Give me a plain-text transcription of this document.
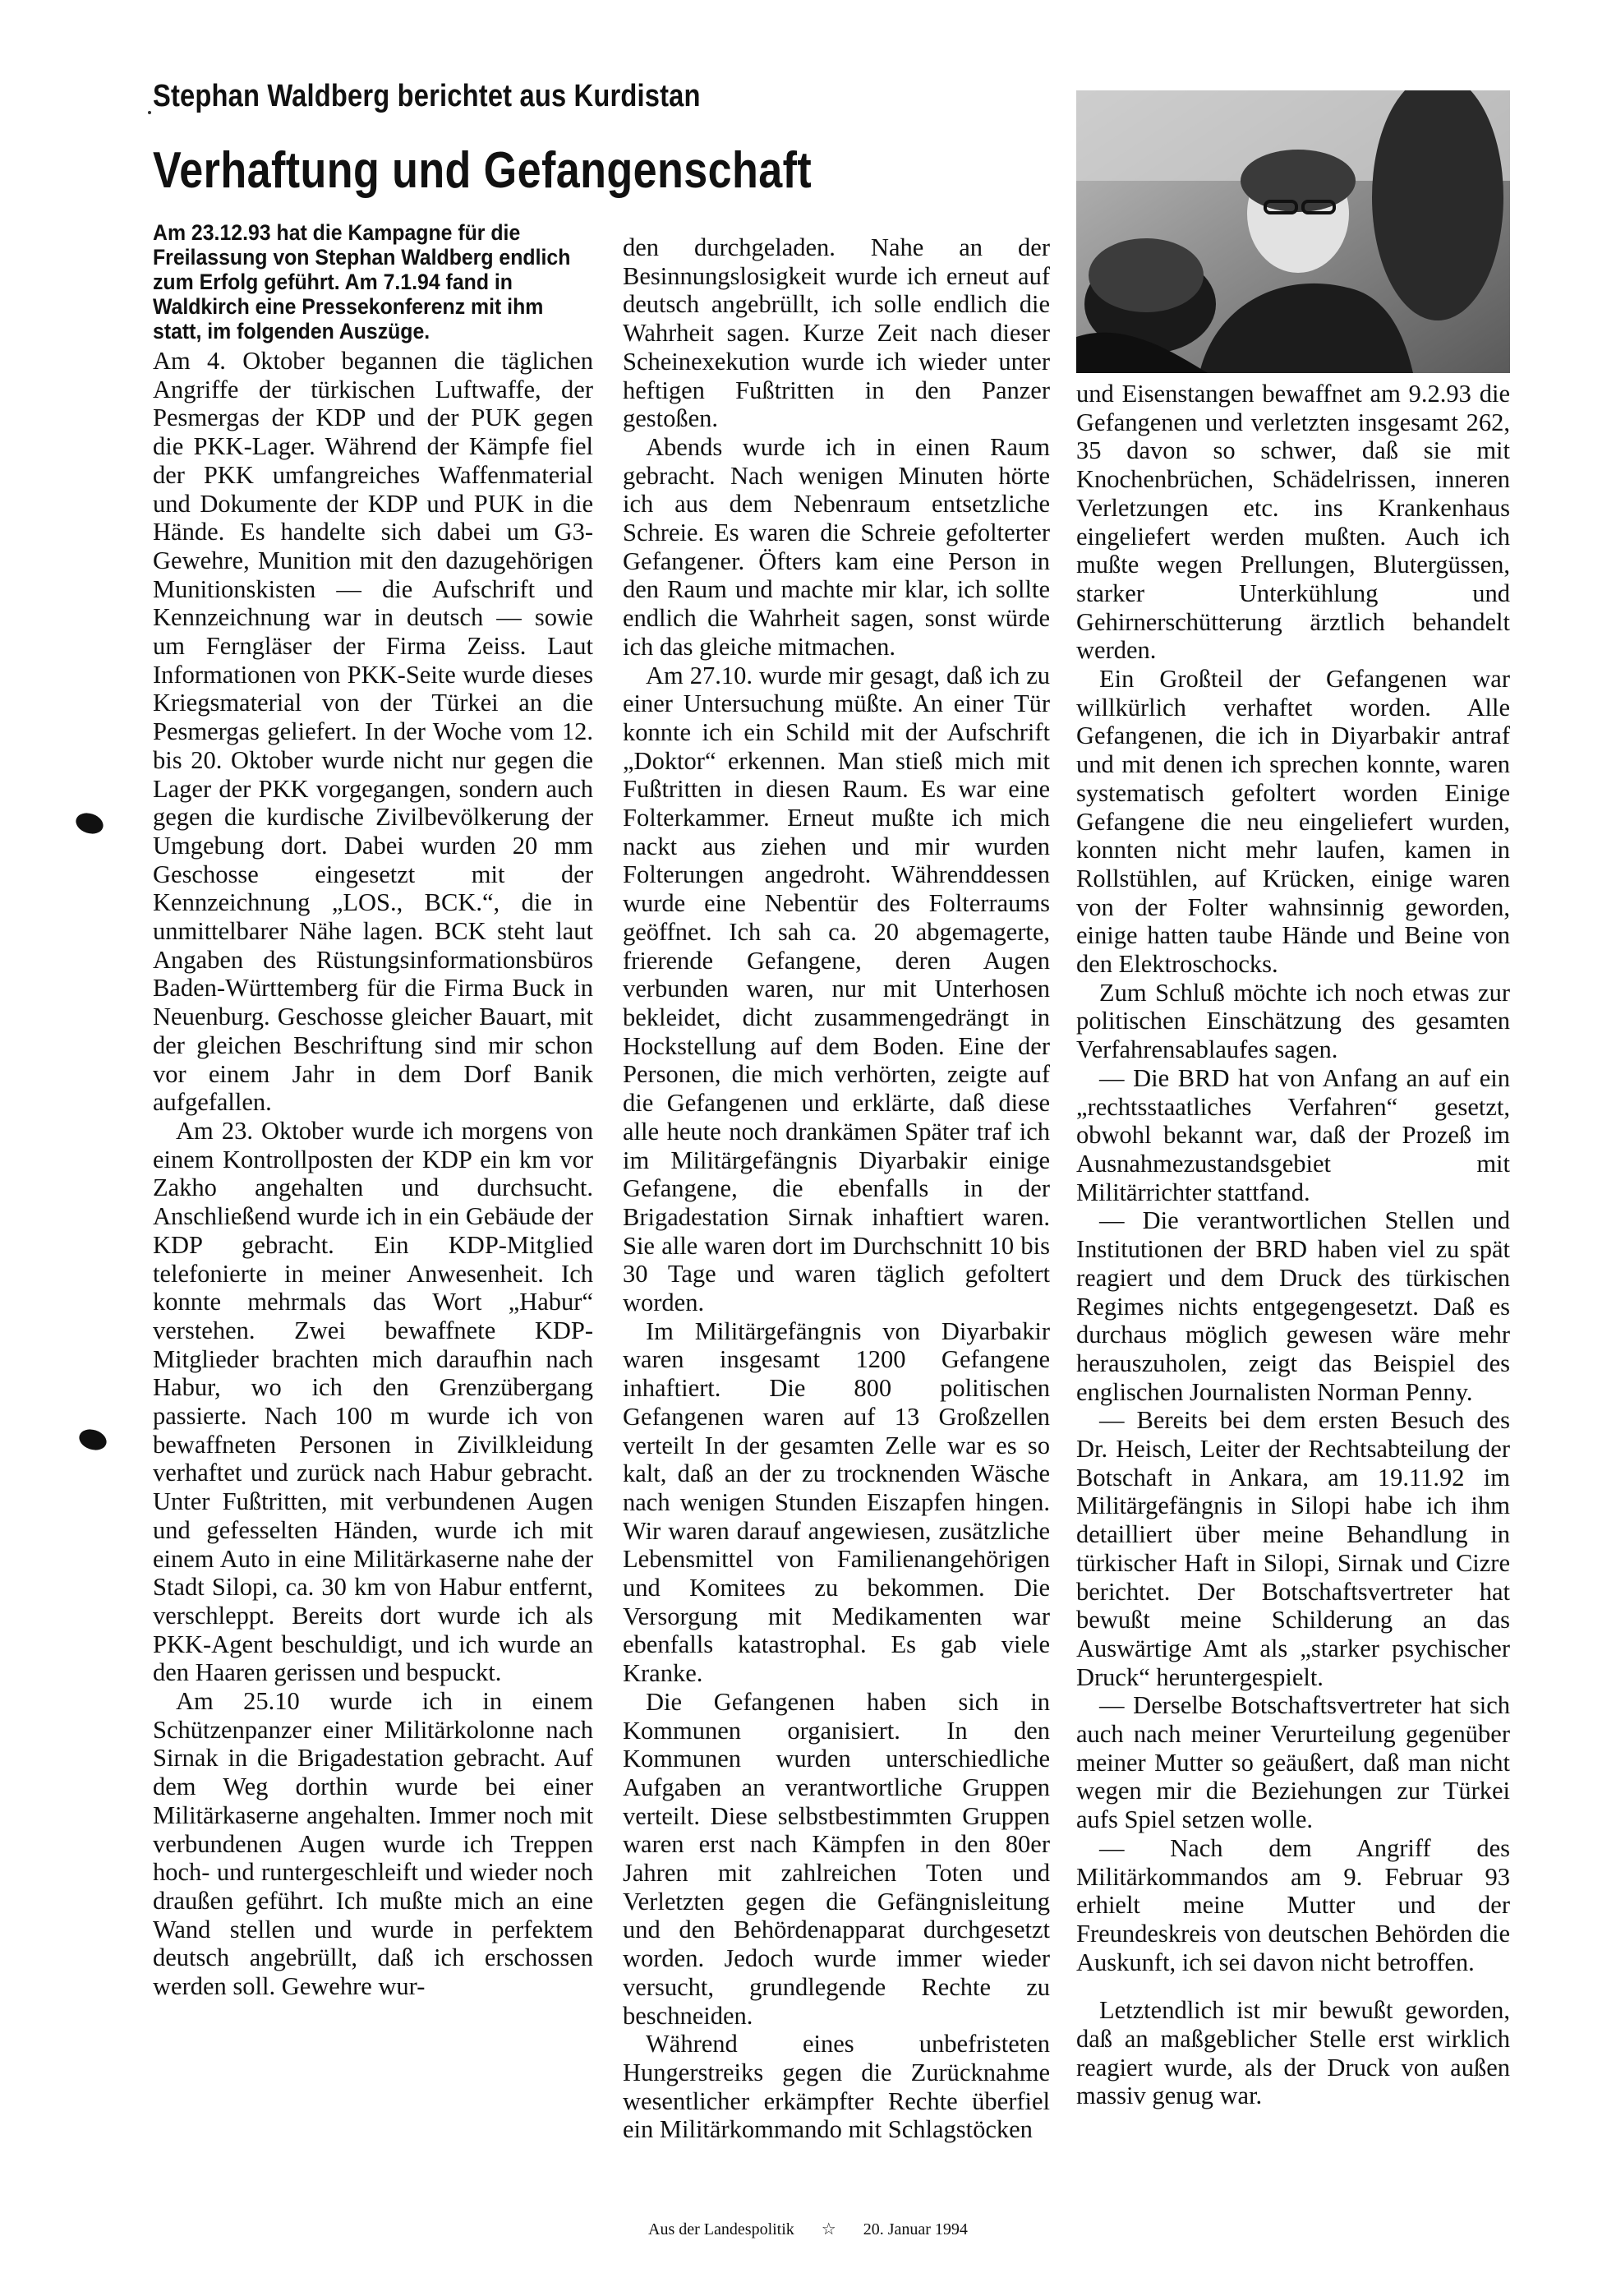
Stephan Waldberg berichtet aus Kurdistan
Verhaftung und Gefangenschaft
Am 23.12.93 hat die Kampagne für die Freilassung von Stephan Waldberg endlich zum Erfolg geführt. Am 7.1.94 fand in Waldkirch eine Pressekonferenz mit ihm statt, im folgenden Auszüge.

Am 4. Oktober begannen die täglichen Angriffe der türkischen Luftwaffe, der Pesmergas der KDP und der PUK gegen die PKK-Lager. Während der Kämpfe fiel der PKK umfangreiches Waffenmaterial und Dokumente der KDP und PUK in die Hände. Es handelte sich dabei um G3-Gewehre, Munition mit den dazugehörigen Munitionskisten — die Aufschrift und Kennzeichnung war in deutsch — sowie um Ferngläser der Firma Zeiss. Laut Informationen von PKK-Seite wurde dieses Kriegsmaterial von der Türkei an die Pesmergas geliefert. In der Woche vom 12. bis 20. Oktober wurde nicht nur gegen die Lager der PKK vorgegangen, sondern auch gegen die kurdische Zivilbevölkerung der Umgebung dort. Dabei wurden 20 mm Geschosse eingesetzt mit der Kennzeichnung „LOS., BCK.“, die in unmittelbarer Nähe lagen. BCK steht laut Angaben des Rüstungsinformationsbüros Baden-Württemberg für die Firma Buck in Neuenburg. Geschosse gleicher Bauart, mit der gleichen Beschriftung sind mir schon vor einem Jahr in dem Dorf Banik aufgefallen.

Am 23. Oktober wurde ich morgens von einem Kontrollposten der KDP ein km vor Zakho angehalten und durchsucht. Anschließend wurde ich in ein Gebäude der KDP gebracht. Ein KDP-Mitglied telefonierte in meiner Anwesenheit. Ich konnte mehrmals das Wort „Habur“ verstehen. Zwei bewaffnete KDP-Mitglieder brachten mich daraufhin nach Habur, wo ich den Grenzübergang passierte. Nach 100 m wurde ich von bewaffneten Personen in Zivilkleidung verhaftet und zurück nach Habur gebracht. Unter Fußtritten, mit verbundenen Augen und gefesselten Händen, wurde ich mit einem Auto in eine Militärkaserne nahe der Stadt Silopi, ca. 30 km von Habur entfernt, verschleppt. Bereits dort wurde ich als PKK-Agent beschuldigt, und ich wurde an den Haaren gerissen und bespuckt.

Am 25.10 wurde ich in einem Schützenpanzer einer Militärkolonne nach Sirnak in die Brigadestation gebracht. Auf dem Weg dorthin wurde bei einer Militärkaserne angehalten. Immer noch mit verbundenen Augen wurde ich Treppen hoch- und runtergeschleift und wieder noch draußen geführt. Ich mußte mich an eine Wand stellen und wurde in perfektem deutsch angebrüllt, daß ich erschossen werden soll. Gewehre wur-

den durchgeladen. Nahe an der Besinnungslosigkeit wurde ich erneut auf deutsch angebrüllt, ich solle endlich die Wahrheit sagen. Kurze Zeit nach dieser Scheinexekution wurde ich wieder unter heftigen Fußtritten in den Panzer gestoßen.

Abends wurde ich in einen Raum gebracht. Nach wenigen Minuten hörte ich aus dem Nebenraum entsetzliche Schreie. Es waren die Schreie gefolterter Gefangener. Öfters kam eine Person in den Raum und machte mir klar, ich sollte endlich die Wahrheit sagen, sonst würde ich das gleiche mitmachen.

Am 27.10. wurde mir gesagt, daß ich zu einer Untersuchung müßte. An einer Tür konnte ich ein Schild mit der Aufschrift „Doktor“ erkennen. Man stieß mich mit Fußtritten in diesen Raum. Es war eine Folterkammer. Erneut mußte ich mich nackt aus ziehen und mir wurden Folterungen angedroht. Währenddessen wurde eine Nebentür des Folterraums geöffnet. Ich sah ca. 20 abgemagerte, frierende Gefangene, deren Augen verbunden waren, nur mit Unterhosen bekleidet, dicht zusammengedrängt in Hockstellung auf dem Boden. Eine der Personen, die mich verhörten, zeigte auf die Gefangenen und erklärte, daß diese alle heute noch drankämen Später traf ich im Militärgefängnis Diyarbakir einige Gefangene, die ebenfalls in der Brigadestation Sirnak inhaftiert waren. Sie alle waren dort im Durchschnitt 10 bis 30 Tage und waren täglich gefoltert worden.

Im Militärgefängnis von Diyarbakir waren insgesamt 1200 Gefangene inhaftiert. Die 800 politischen Gefangenen waren auf 13 Großzellen verteilt In der gesamten Zelle war es so kalt, daß an der zu trocknenden Wäsche nach wenigen Stunden Eiszapfen hingen. Wir waren darauf angewiesen, zusätzliche Lebensmittel von Familienangehörigen und Komitees zu bekommen. Die Versorgung mit Medikamenten war ebenfalls katastrophal. Es gab viele Kranke.

Die Gefangenen haben sich in Kommunen organisiert. In den Kommunen wurden unterschiedliche Aufgaben an verantwortliche Gruppen verteilt. Diese selbstbestimmten Gruppen waren erst nach Kämpfen in den 80er Jahren mit zahlreichen Toten und Verletzten gegen die Gefängnisleitung und den Behördenapparat durchgesetzt worden. Jedoch wurde immer wieder versucht, grundlegende Rechte zu beschneiden.

Während eines unbefristeten Hungerstreiks gegen die Zurücknahme wesentlicher erkämpfter Rechte überfiel ein Militärkommando mit Schlagstöcken

und Eisenstangen bewaffnet am 9.2.93 die Gefangenen und verletzten insgesamt 262, 35 davon so schwer, daß sie mit Knochenbrüchen, Schädelrissen, inneren Verletzungen etc. ins Krankenhaus eingeliefert werden mußten. Auch ich mußte wegen Prellungen, Blutergüssen, starker Unterkühlung und Gehirnerschütterung ärztlich behandelt werden.

Ein Großteil der Gefangenen war willkürlich verhaftet worden. Alle Gefangenen, die ich in Diyarbakir antraf und mit denen ich sprechen konnte, waren systematisch gefoltert worden Einige Gefangene die neu eingeliefert wurden, konnten nicht mehr laufen, kamen in Rollstühlen, auf Krücken, einige waren von der Folter wahnsinnig geworden, einige hatten taube Hände und Beine von den Elektroschocks.

Zum Schluß möchte ich noch etwas zur politischen Einschätzung des gesamten Verfahrensablaufes sagen.

— Die BRD hat von Anfang an auf ein „rechtsstaatliches Verfahren“ gesetzt, obwohl bekannt war, daß der Prozeß im Ausnahmezustandsgebiet mit Militärrichter stattfand.

— Die verantwortlichen Stellen und Institutionen der BRD haben viel zu spät reagiert und dem Druck des türkischen Regimes nichts entgegengesetzt. Daß es durchaus möglich gewesen wäre mehr herauszuholen, zeigt das Beispiel des englischen Journalisten Norman Penny.

— Bereits bei dem ersten Besuch des Dr. Heisch, Leiter der Rechtsabteilung der Botschaft in Ankara, am 19.11.92 im Militärgefängnis in Silopi habe ich ihm detailliert über meine Behandlung in türkischer Haft in Silopi, Sirnak und Cizre berichtet. Der Botschaftsvertreter hat bewußt meine Schilderung an das Auswärtige Amt als „starker psychischer Druck“ heruntergespielt.

— Derselbe Botschaftsvertreter hat sich auch nach meiner Verurteilung gegenüber meiner Mutter so geäußert, daß man nicht wegen mir die Beziehungen zur Türkei aufs Spiel setzen wolle.

— Nach dem Angriff des Militärkommandos am 9. Februar 93 erhielt meine Mutter und der Freundeskreis von deutschen Behörden die Auskunft, ich sei davon nicht betroffen.

Letztendlich ist mir bewußt geworden, daß an maßgeblicher Stelle erst wirklich reagiert wurde, als der Druck von außen massiv genug war.

Aus der Landespolitik ☆ 20. Januar 1994
